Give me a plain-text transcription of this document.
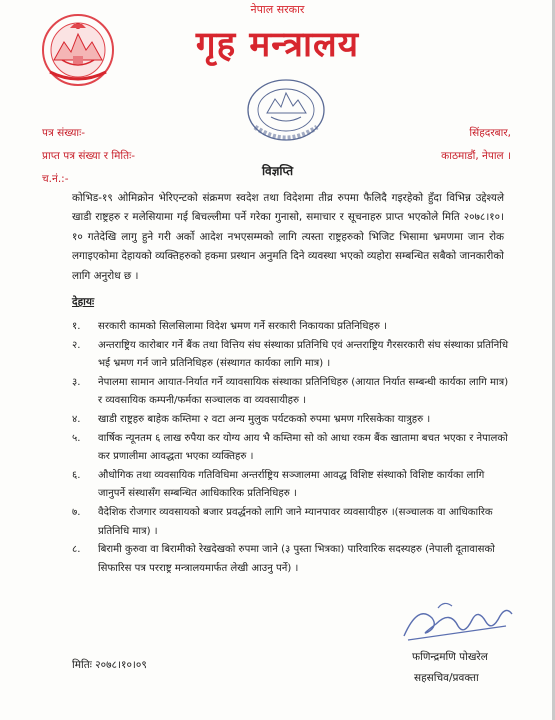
नेपाल सरकार
गृह मन्त्रालय
पत्र संख्याः-
प्राप्त पत्र संख्या र मितिः-
च.नं.:-
सिंहदरबार,
काठमाडौं, नेपाल ।
विज्ञप्ति

कोभिड-१९ ओमिक्रोन भेरिएन्टको संक्रमण स्वदेश तथा विदेशमा तीव्र रुपमा फैलिदै गइरहेको हुँदा विभिन्न उद्देश्यले खाडी राष्ट्रहरु र मलेसियामा गई बिचल्लीमा पर्ने गरेका गुनासो, समाचार र सूचनाहरु प्राप्त भएकोले मिति २०७८।१०।१० गतेदेखि लागु हुने गरी अर्को आदेश नभएसम्मको लागि त्यस्ता राष्ट्रहरुको भिजिट भिसामा भ्रमणमा जान रोक लगाइएकोमा देहायको व्यक्तिहरुको हकमा प्रस्थान अनुमति दिने व्यवस्था भएको व्यहोरा सम्बन्धित सबैको जानकारीको लागि अनुरोध छ ।

देहायः
१. सरकारी कामको सिलसिलामा विदेश भ्रमण गर्ने सरकारी निकायका प्रतिनिधिहरु ।
२. अन्तराष्ट्रिय कारोबार गर्ने बैंक तथा वित्तिय संघ संस्थाका प्रतिनिधि एवं अन्तराष्ट्रिय गैरसरकारी संघ संस्थाका प्रतिनिधि भई भ्रमण गर्न जाने प्रतिनिधिहरु (संस्थागत कार्यका लागि मात्र) ।
३. नेपालमा सामान आयात-निर्यात गर्ने व्यावसायिक संस्थाका प्रतिनिधिहरु (आयात निर्यात सम्बन्धी कार्यका लागि मात्र) र व्यवसायिक कम्पनी/फर्मका सञ्चालक वा व्यवसायीहरु ।
४. खाडी राष्ट्रहरु बाहेक कम्तिमा २ वटा अन्य मुलुक पर्यटकको रुपमा भ्रमण गरिसकेका यात्रुहरु ।
५. वार्षिक न्यूनतम ६ लाख रुपैया कर योग्य आय भै कम्तिमा सो को आधा रकम बैंक खातामा बचत भएका र नेपालको कर प्रणालीमा आवद्धता भएका व्यक्तिहरु ।
६. औधोगिक तथा व्यवसायिक गतिविधिमा अन्तर्राष्ट्रिय सञ्जालमा आवद्ध विशिष्ट संस्थाको विशिष्ट कार्यका लागि जानुपर्ने संस्थासँग सम्बन्धित आधिकारिक प्रतिनिधिहरु ।
७. वैदेशिक रोजगार व्यवसायको बजार प्रवर्द्धनको लागि जाने म्यानपावर व्यवसायीहरु ।(सञ्चालक वा आधिकारिक प्रतिनिधि मात्र) ।
८. बिरामी कुरुवा वा बिरामीको रेखदेखको रुपमा जाने (३ पुस्ता भित्रका) पारिवारिक सदस्यहरु (नेपाली दूतावासको सिफारिस पत्र परराष्ट्र मन्त्रालयमार्फत लेखी आउनु पर्ने) ।
फणिन्द्रमणि पोखरेल
सहसचिव/प्रवक्ता
मितिः २०७८।१०।०९
